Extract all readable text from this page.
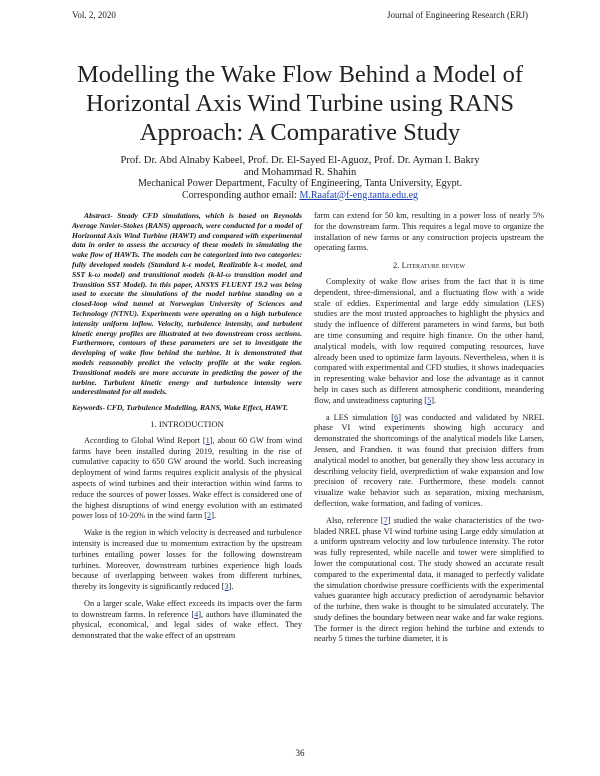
Vol. 2, 2020	Journal of Engineering Research (ERJ)
Modelling the Wake Flow Behind a Model of Horizontal Axis Wind Turbine using RANS Approach: A Comparative Study
Prof. Dr. Abd Alnaby Kabeel, Prof. Dr. El-Sayed El-Aguoz, Prof. Dr. Ayman I. Bakry
and Mohammad R. Shahin
Mechanical Power Department, Faculty of Engineering, Tanta University, Egypt.
Corresponding author email: M.Raafat@f-eng.tanta.edu.eg

Abstract- Steady CFD simulations, which is based on Reynolds Average Navier-Stokes (RANS) approach, were conducted for a model of Horizontal Axis Wind Turbine (HAWT) and compared with experimental data in order to assess the accuracy of these models in simulating the wake flow of HAWTs. The models can be categorized into two categories: fully developed models (Standard k-ε model, Realizable k-ε model, and SST k-ω model) and transitional models (k-kl-ω transition model and Transition SST Model). In this paper, ANSYS FLUENT 19.2 was being used to execute the simulations of the model turbine standing on a closed-loop wind tunnel at Norwegian University of Sciences and Technology (NTNU). Experiments were operating on a high turbulence intensity uniform inflow. Velocity, turbulence intensity, and turbulent kinetic energy profiles are illustrated at two downstream cross sections. Furthermore, contours of these parameters are set to investigate the developing of wake flow behind the turbine. It is demonstrated that models reasonably predict the velocity profile at the wake region. Transitional models are more accurate in predicting the power of the turbine. Turbulent kinetic energy and turbulence intensity were underestimated for all models.

Keywords- CFD, Turbulence Modelling, RANS, Wake Effect, HAWT.

1. INTRODUCTION

According to Global Wind Report [1], about 60 GW from wind farms have been installed during 2019, resulting in the rise of cumulative capacity to 650 GW around the world. Such increasing deployment of wind farms requires explicit analysis of the physical aspects of wind turbines and their interaction within wind farms to reduce the sources of power losses. Wake effect is considered one of the highest disruptions of wind energy evolution with an estimated power loss of 10-20% in the wind farm [2].

Wake is the region in which velocity is decreased and turbulence intensity is increased due to momentum extraction by the upstream turbines entailing power losses for the following downstream turbines. Moreover, downstream turbines experience high loads because of overlapping between wakes from different turbines, thereby its longevity is significantly reduced [3].

On a larger scale, Wake effect exceeds its impacts over the farm to downstream farms. In reference [4], authors have illuminated the physical, economical, and legal sides of wake effect. They demonstrated that the wake effect of an upstream

farm can extend for 50 km, resulting in a power loss of nearly 5% for the downstream farm. This requires a legal move to organize the installation of new farms or any construction projects upstream the operating farms.

2. Literature review

Complexity of wake flow arises from the fact that it is time dependent, three-dimensional, and a fluctuating flow with a wide scale of eddies. Experimental and large eddy simulation (LES) studies are the most trusted approaches to highlight the physics and study the influence of different parameters in wind farms, but both are time consuming and require high finance. On the other hand, analytical models, with low required computing resources, have already been used to optimize farm layouts. Nevertheless, when it is compared with experimental and CFD studies, it shows inadequacies in representing wake behavior and lose the advantage as it cannot help in cases such as different atmospheric conditions, meandering flow, and unsteadiness capturing [5].

a LES simulation [6] was conducted and validated by NREL phase VI wind experiments showing high accuracy and demonstrated the shortcomings of the analytical models like Larsen, Jensen, and Frandsen. it was found that precision differs from analytical model to another, but generally they show less accuracy in describing velocity field, overprediction of wake expansion and low precision of recovery rate. Furthermore, these models cannot visualize wake behavior such as separation, mixing mechanism, deflection, wake formation, and fading of vortices.

Also, reference [7] studied the wake characteristics of the two-bladed NREL phase VI wind turbine using Large eddy simulation at a uniform upstream velocity and low turbulence intensity. The rotor was fully represented, while nacelle and tower were simplified to lower the computational cost. The study showed an accurate result compared to the experimental data, it managed to perfectly validate the simulation chordwise pressure coefficients with the experimental values guarantee high accuracy prediction of aerodynamic behavior of the turbine, then wake is thought to be simulated accurately. The study defines the boundary between near wake and far wake regions. The former is the direct region behind the turbine and extends to nearby 5 times the turbine diameter, it is

36
